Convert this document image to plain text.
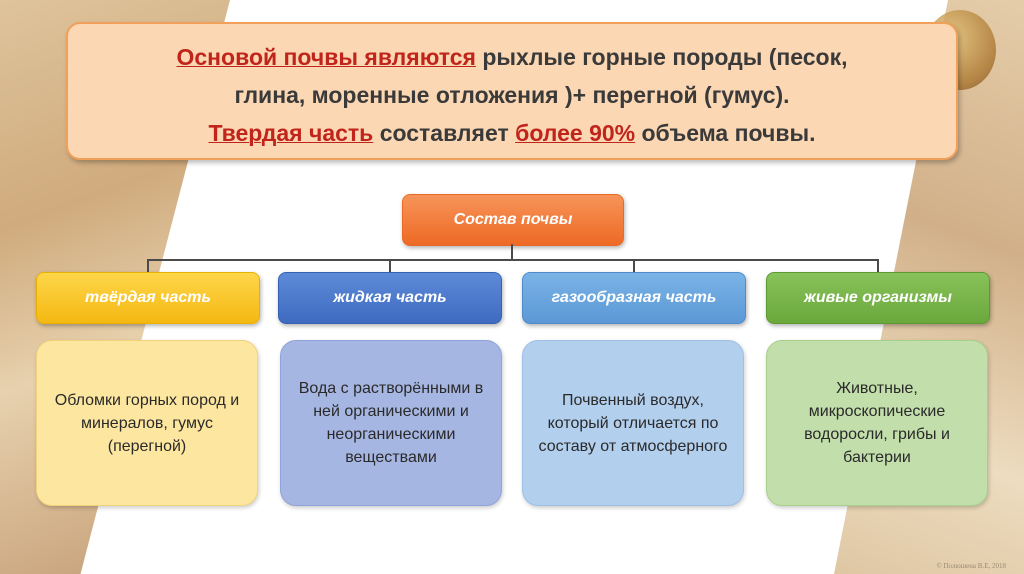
Основой почвы являются рыхлые горные породы (песок,
глина, моренные отложения )+ перегной (гумус).
Твердая часть составляет более 90% объема почвы.
Состав почвы
твёрдая часть	жидкая часть	газообразная часть	живые организмы
Обломки горных пород и минералов, гумус (перегной)
Вода с растворёнными в ней органическими и неорганическими веществами
Почвенный воздух, который отличается по составу от атмосферного
Животные, микроскопические водоросли, грибы и бактерии
© Полюшена В.Е, 2018
